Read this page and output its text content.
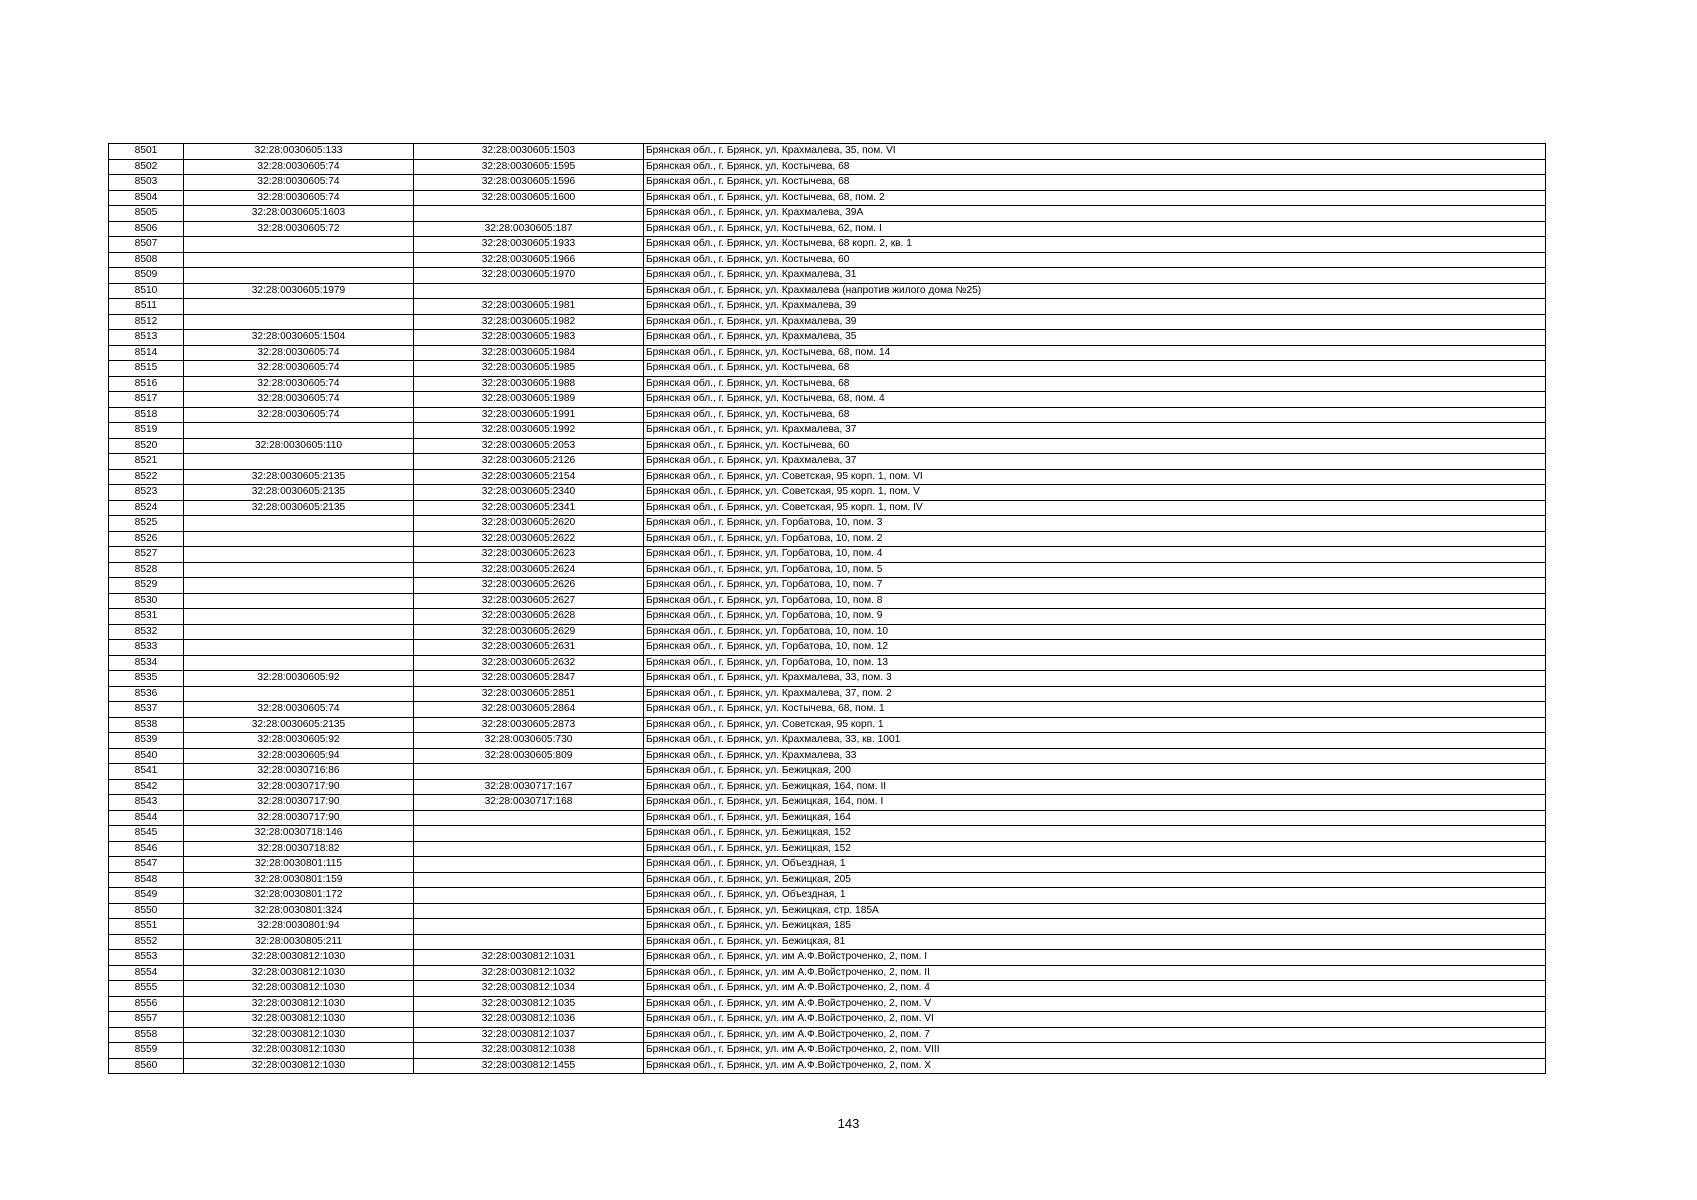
8501	32:28:0030605:133	32:28:0030605:1503	Брянская обл., г. Брянск, ул. Крахмалева, 35, пом. VI
8502	32:28:0030605:74	32:28:0030605:1595	Брянская обл., г. Брянск, ул. Костычева, 68
8503	32:28:0030605:74	32:28:0030605:1596	Брянская обл., г. Брянск, ул. Костычева, 68
8504	32:28:0030605:74	32:28:0030605:1600	Брянская обл., г. Брянск, ул. Костычева, 68, пом. 2
8505	32:28:0030605:1603		Брянская обл., г. Брянск, ул. Крахмалева, 39А
8506	32:28:0030605:72	32:28:0030605:187	Брянская обл., г. Брянск, ул. Костычева, 62, пом. I
8507		32:28:0030605:1933	Брянская обл., г. Брянск, ул. Костычева, 68 корп. 2, кв. 1
8508		32:28:0030605:1966	Брянская обл., г. Брянск, ул. Костычева, 60
8509		32:28:0030605:1970	Брянская обл., г. Брянск, ул. Крахмалева, 31
8510	32:28:0030605:1979		Брянская обл., г. Брянск, ул. Крахмалева (напротив жилого дома №25)
8511		32:28:0030605:1981	Брянская обл., г. Брянск, ул. Крахмалева, 39
8512		32:28:0030605:1982	Брянская обл., г. Брянск, ул. Крахмалева, 39
8513	32:28:0030605:1504	32:28:0030605:1983	Брянская обл., г. Брянск, ул. Крахмалева, 35
8514	32:28:0030605:74	32:28:0030605:1984	Брянская обл., г. Брянск, ул. Костычева, 68, пом. 14
8515	32:28:0030605:74	32:28:0030605:1985	Брянская обл., г. Брянск, ул. Костычева, 68
8516	32:28:0030605:74	32:28:0030605:1988	Брянская обл., г. Брянск, ул. Костычева, 68
8517	32:28:0030605:74	32:28:0030605:1989	Брянская обл., г. Брянск, ул. Костычева, 68, пом. 4
8518	32:28:0030605:74	32:28:0030605:1991	Брянская обл., г. Брянск, ул. Костычева, 68
8519		32:28:0030605:1992	Брянская обл., г. Брянск, ул. Крахмалева, 37
8520	32:28:0030605:110	32:28:0030605:2053	Брянская обл., г. Брянск, ул. Костычева, 60
8521		32:28:0030605:2126	Брянская обл., г. Брянск, ул. Крахмалева, 37
8522	32:28:0030605:2135	32:28:0030605:2154	Брянская обл., г. Брянск, ул. Советская, 95 корп. 1, пом. VI
8523	32:28:0030605:2135	32:28:0030605:2340	Брянская обл., г. Брянск, ул. Советская, 95 корп. 1, пом. V
8524	32:28:0030605:2135	32:28:0030605:2341	Брянская обл., г. Брянск, ул. Советская, 95 корп. 1, пом. IV
8525		32:28:0030605:2620	Брянская обл., г. Брянск, ул. Горбатова, 10, пом. 3
8526		32:28:0030605:2622	Брянская обл., г. Брянск, ул. Горбатова, 10, пом. 2
8527		32:28:0030605:2623	Брянская обл., г. Брянск, ул. Горбатова, 10, пом. 4
8528		32:28:0030605:2624	Брянская обл., г. Брянск, ул. Горбатова, 10, пом. 5
8529		32:28:0030605:2626	Брянская обл., г. Брянск, ул. Горбатова, 10, пом. 7
8530		32:28:0030605:2627	Брянская обл., г. Брянск, ул. Горбатова, 10, пом. 8
8531		32:28:0030605:2628	Брянская обл., г. Брянск, ул. Горбатова, 10, пом. 9
8532		32:28:0030605:2629	Брянская обл., г. Брянск, ул. Горбатова, 10, пом. 10
8533		32:28:0030605:2631	Брянская обл., г. Брянск, ул. Горбатова, 10, пом. 12
8534		32:28:0030605:2632	Брянская обл., г. Брянск, ул. Горбатова, 10, пом. 13
8535	32:28:0030605:92	32:28:0030605:2847	Брянская обл., г. Брянск, ул. Крахмалева, 33, пом. 3
8536		32:28:0030605:2851	Брянская обл., г. Брянск, ул. Крахмалева, 37, пом. 2
8537	32:28:0030605:74	32:28:0030605:2864	Брянская обл., г. Брянск, ул. Костычева, 68, пом. 1
8538	32:28:0030605:2135	32:28:0030605:2873	Брянская обл., г. Брянск, ул. Советская, 95 корп. 1
8539	32:28:0030605:92	32:28:0030605:730	Брянская обл., г. Брянск, ул. Крахмалева, 33, кв. 1001
8540	32:28:0030605:94	32:28:0030605:809	Брянская обл., г. Брянск, ул. Крахмалева, 33
8541	32:28:0030716:86		Брянская обл., г. Брянск, ул. Бежицкая, 200
8542	32:28:0030717:90	32:28:0030717:167	Брянская обл., г. Брянск, ул. Бежицкая, 164, пом. II
8543	32:28:0030717:90	32:28:0030717:168	Брянская обл., г. Брянск, ул. Бежицкая, 164, пом. I
8544	32:28:0030717:90		Брянская обл., г. Брянск, ул. Бежицкая, 164
8545	32:28:0030718:146		Брянская обл., г. Брянск, ул. Бежицкая, 152
8546	32:28:0030718:82		Брянская обл., г. Брянск, ул. Бежицкая, 152
8547	32:28:0030801:115		Брянская обл., г. Брянск, ул. Объездная, 1
8548	32:28:0030801:159		Брянская обл., г. Брянск, ул. Бежицкая, 205
8549	32:28:0030801:172		Брянская обл., г. Брянск, ул. Объездная, 1
8550	32:28:0030801:324		Брянская обл., г. Брянск, ул. Бежицкая, стр. 185А
8551	32:28:0030801:94		Брянская обл., г. Брянск, ул. Бежицкая, 185
8552	32:28:0030805:211		Брянская обл., г. Брянск, ул. Бежицкая, 81
8553	32:28:0030812:1030	32:28:0030812:1031	Брянская обл., г. Брянск, ул. им А.Ф.Войстроченко, 2, пом. I
8554	32:28:0030812:1030	32:28:0030812:1032	Брянская обл., г. Брянск, ул. им А.Ф.Войстроченко, 2, пом. II
8555	32:28:0030812:1030	32:28:0030812:1034	Брянская обл., г. Брянск, ул. им А.Ф.Войстроченко, 2, пом. 4
8556	32:28:0030812:1030	32:28:0030812:1035	Брянская обл., г. Брянск, ул. им А.Ф.Войстроченко, 2, пом. V
8557	32:28:0030812:1030	32:28:0030812:1036	Брянская обл., г. Брянск, ул. им А.Ф.Войстроченко, 2, пом. VI
8558	32:28:0030812:1030	32:28:0030812:1037	Брянская обл., г. Брянск, ул. им А.Ф.Войстроченко, 2, пом. 7
8559	32:28:0030812:1030	32:28:0030812:1038	Брянская обл., г. Брянск, ул. им А.Ф.Войстроченко, 2, пом. VIII
8560	32:28:0030812:1030	32:28:0030812:1455	Брянская обл., г. Брянск, ул. им А.Ф.Войстроченко, 2, пом. X
143
